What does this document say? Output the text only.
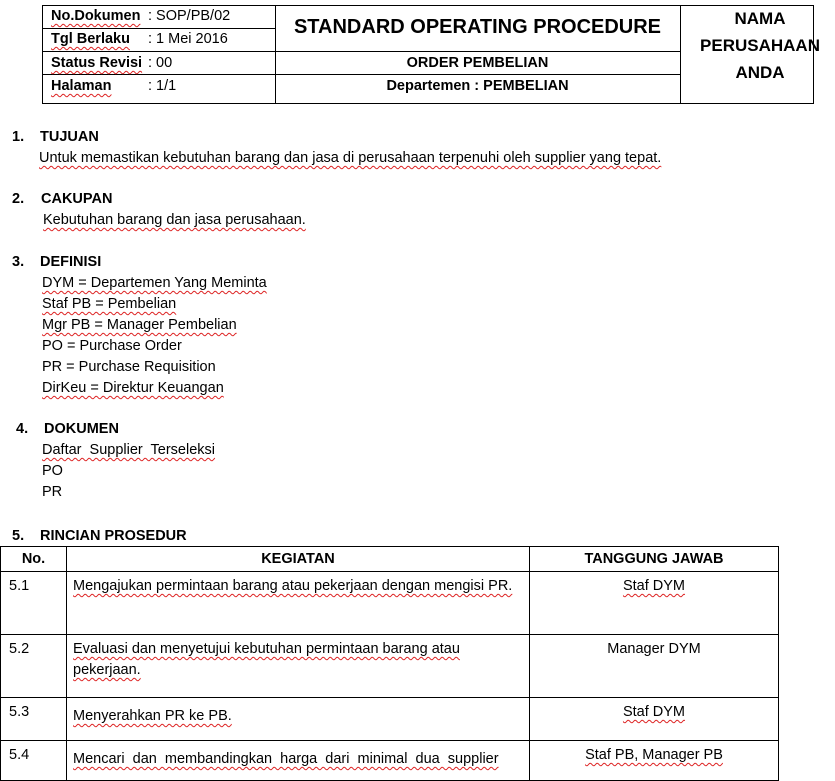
No.Dokumen : SOP/PB/02
Tgl Berlaku : 1 Mei 2016
Status Revisi : 00
Halaman	: 1/1
STANDARD OPERATING PROCEDURE
ORDER PEMBELIAN
Departemen : PEMBELIAN
NAMA
PERUSAHAAN
ANDA
1. TUJUAN
Untuk memastikan kebutuhan barang dan jasa di perusahaan terpenuhi oleh supplier yang tepat.
2. CAKUPAN
Kebutuhan barang dan jasa perusahaan.
3. DEFINISI
DYM = Departemen Yang Meminta
Staf PB = Pembelian
Mgr PB = Manager Pembelian
PO = Purchase Order
PR = Purchase Requisition
DirKeu = Direktur Keuangan
4. DOKUMEN
Daftar  Supplier  Terseleksi
PO
PR
5. RINCIAN PROSEDUR
No.	KEGIATAN	TANGGUNG JAWAB
5.1	Mengajukan permintaan barang atau pekerjaan dengan mengisi PR.	Staf DYM
5.2	Evaluasi dan menyetujui kebutuhan permintaan barang atau pekerjaan.	Manager DYM
5.3	Menyerahkan PR ke PB.	Staf DYM
5.4	Mencari  dan  membandingkan  harga  dari  minimal  dua  supplier	Staf PB, Manager PB
